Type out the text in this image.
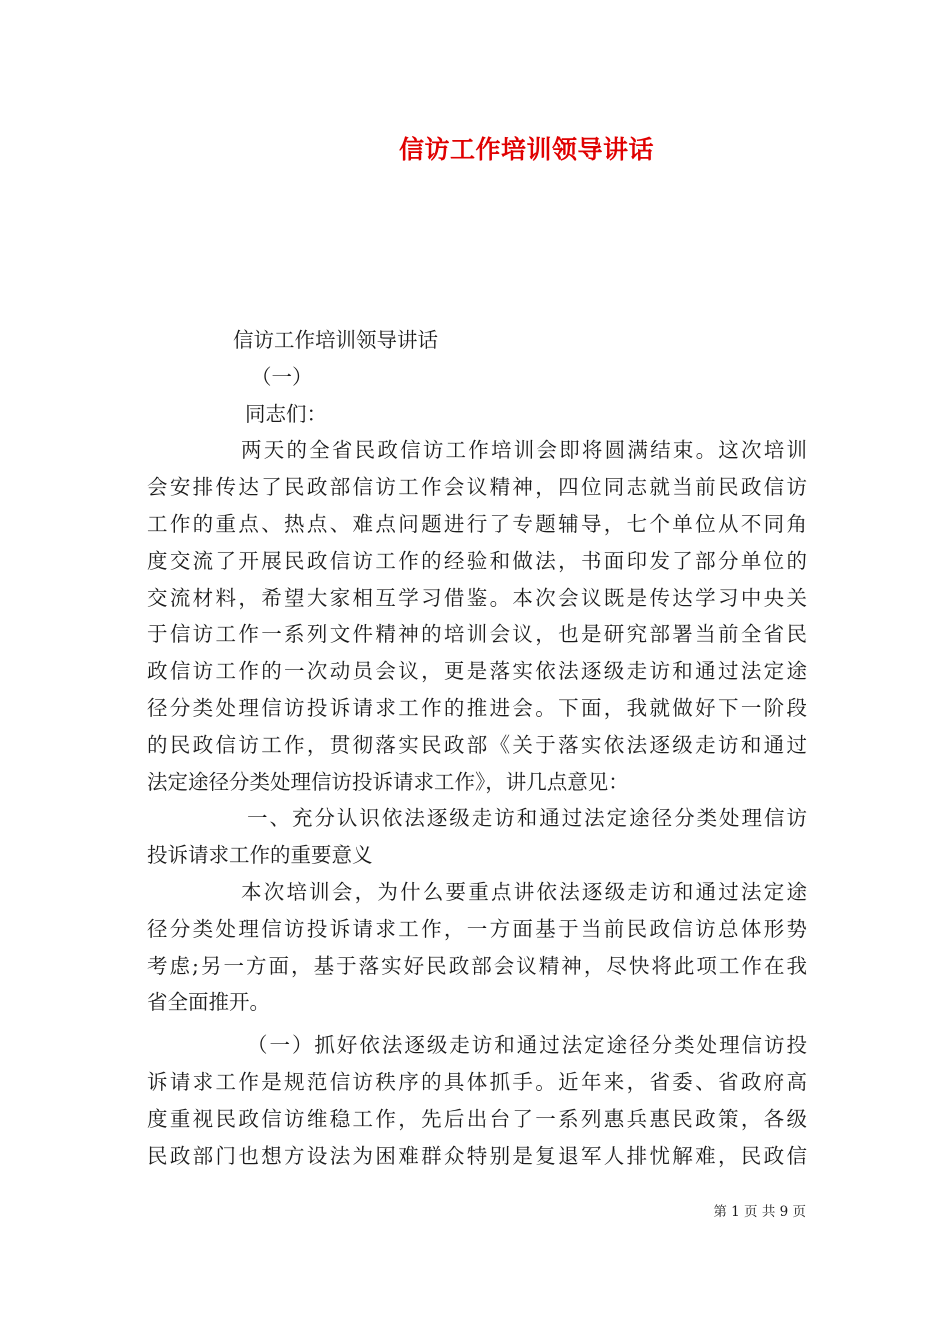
信访工作培训领导讲话
信访工作培训领导讲话
（一）
同志们：
两天的全省民政信访工作培训会即将圆满结束。这次培训
会安排传达了民政部信访工作会议精神，四位同志就当前民政信访
工作的重点、热点、难点问题进行了专题辅导，七个单位从不同角
度交流了开展民政信访工作的经验和做法，书面印发了部分单位的
交流材料，希望大家相互学习借鉴。本次会议既是传达学习中央关
于信访工作一系列文件精神的培训会议，也是研究部署当前全省民
政信访工作的一次动员会议，更是落实依法逐级走访和通过法定途
径分类处理信访投诉请求工作的推进会。下面，我就做好下一阶段
的民政信访工作，贯彻落实民政部《关于落实依法逐级走访和通过
法定途径分类处理信访投诉请求工作》，讲几点意见：
一、充分认识依法逐级走访和通过法定途径分类处理信访
投诉请求工作的重要意义
本次培训会，为什么要重点讲依法逐级走访和通过法定途
径分类处理信访投诉请求工作，一方面基于当前民政信访总体形势
考虑;另一方面，基于落实好民政部会议精神，尽快将此项工作在我
省全面推开。
（一）抓好依法逐级走访和通过法定途径分类处理信访投
诉请求工作是规范信访秩序的具体抓手。近年来，省委、省政府高
度重视民政信访维稳工作，先后出台了一系列惠兵惠民政策，各级
民政部门也想方设法为困难群众特别是复退军人排忧解难，民政信
第 1 页 共 9 页
